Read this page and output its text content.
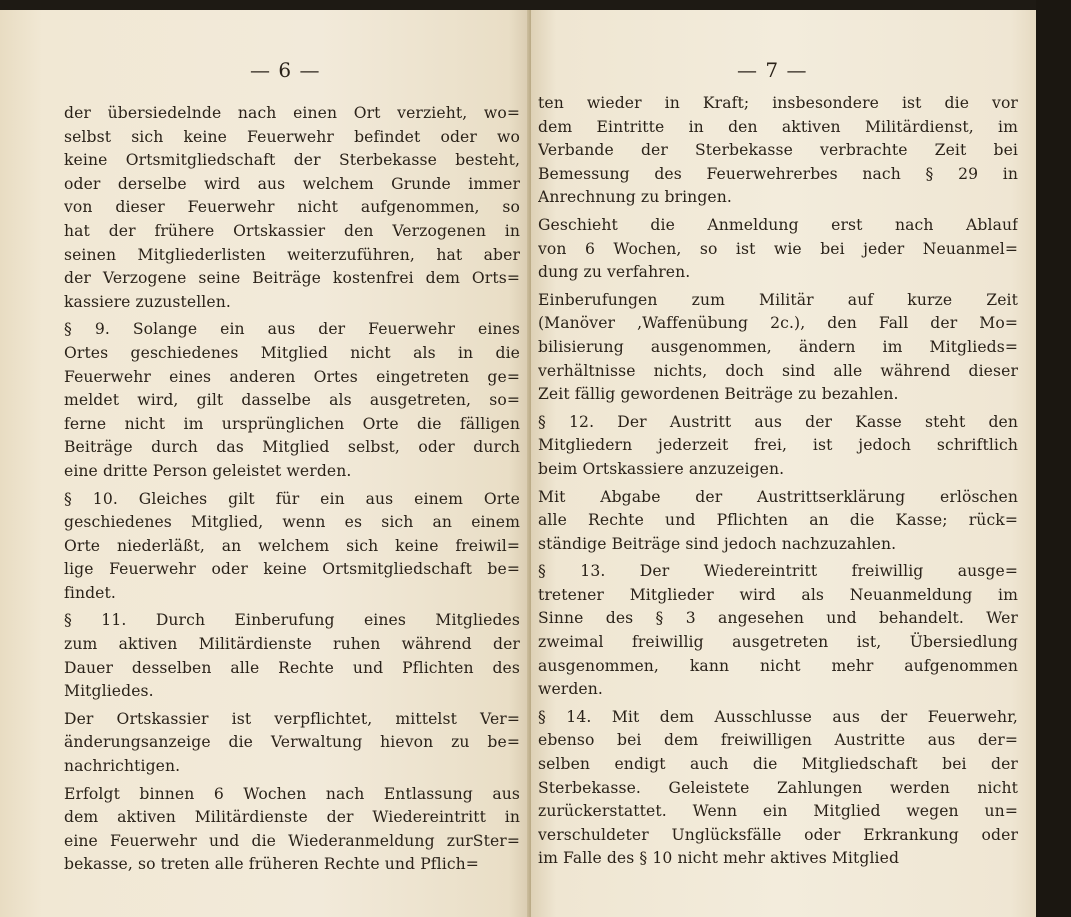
— 6 —
der übersiedelnde nach einen Ort verzieht, wo=
selbst sich keine Feuerwehr befindet oder wo
keine Ortsmitgliedschaft der Sterbekasse besteht,
oder derselbe wird aus welchem Grunde immer
von dieser Feuerwehr nicht aufgenommen, so
hat der frühere Ortskassier den Verzogenen in
seinen Mitgliederlisten weiterzuführen, hat aber
der Verzogene seine Beiträge kostenfrei dem Orts=
kassiere zuzustellen.
§ 9. Solange ein aus der Feuerwehr eines
Ortes geschiedenes Mitglied nicht als in die
Feuerwehr eines anderen Ortes eingetreten ge=
meldet wird, gilt dasselbe als ausgetreten, so=
ferne nicht im ursprünglichen Orte die fälligen
Beiträge durch das Mitglied selbst, oder durch
eine dritte Person geleistet werden.
§ 10. Gleiches gilt für ein aus einem Orte
geschiedenes Mitglied, wenn es sich an einem
Orte niederläßt, an welchem sich keine freiwil=
lige Feuerwehr oder keine Ortsmitgliedschaft be=
findet.
§ 11. Durch Einberufung eines Mitgliedes
zum aktiven Militärdienste ruhen während der
Dauer desselben alle Rechte und Pflichten des
Mitgliedes.
Der Ortskassier ist verpflichtet, mittelst Ver=
änderungsanzeige die Verwaltung hievon zu be=
nachrichtigen.
Erfolgt binnen 6 Wochen nach Entlassung aus
dem aktiven Militärdienste der Wiedereintritt in
eine Feuerwehr und die Wiederanmeldung zurSter=
bekasse, so treten alle früheren Rechte und Pflich=
— 7 —
ten wieder in Kraft; insbesondere ist die vor
dem Eintritte in den aktiven Militärdienst, im
Verbande der Sterbekasse verbrachte Zeit bei
Bemessung des Feuerwehrerbes nach § 29 in
Anrechnung zu bringen.
Geschieht die Anmeldung erst nach Ablauf
von 6 Wochen, so ist wie bei jeder Neuanmel=
dung zu verfahren.
Einberufungen zum Militär auf kurze Zeit
(Manöver ,Waffenübung 2c.), den Fall der Mo=
bilisierung ausgenommen, ändern im Mitglieds=
verhältnisse nichts, doch sind alle während dieser
Zeit fällig gewordenen Beiträge zu bezahlen.
§ 12. Der Austritt aus der Kasse steht den
Mitgliedern jederzeit frei, ist jedoch schriftlich
beim Ortskassiere anzuzeigen.
Mit Abgabe der Austrittserklärung erlöschen
alle Rechte und Pflichten an die Kasse; rück=
ständige Beiträge sind jedoch nachzuzahlen.
§ 13. Der Wiedereintritt freiwillig ausge=
tretener Mitglieder wird als Neuanmeldung im
Sinne des § 3 angesehen und behandelt. Wer
zweimal freiwillig ausgetreten ist, Übersiedlung
ausgenommen, kann nicht mehr aufgenommen
werden.
§ 14. Mit dem Ausschlusse aus der Feuerwehr,
ebenso bei dem freiwilligen Austritte aus der=
selben endigt auch die Mitgliedschaft bei der
Sterbekasse. Geleistete Zahlungen werden nicht
zurückerstattet. Wenn ein Mitglied wegen un=
verschuldeter Unglücksfälle oder Erkrankung oder
im Falle des § 10 nicht mehr aktives Mitglied
